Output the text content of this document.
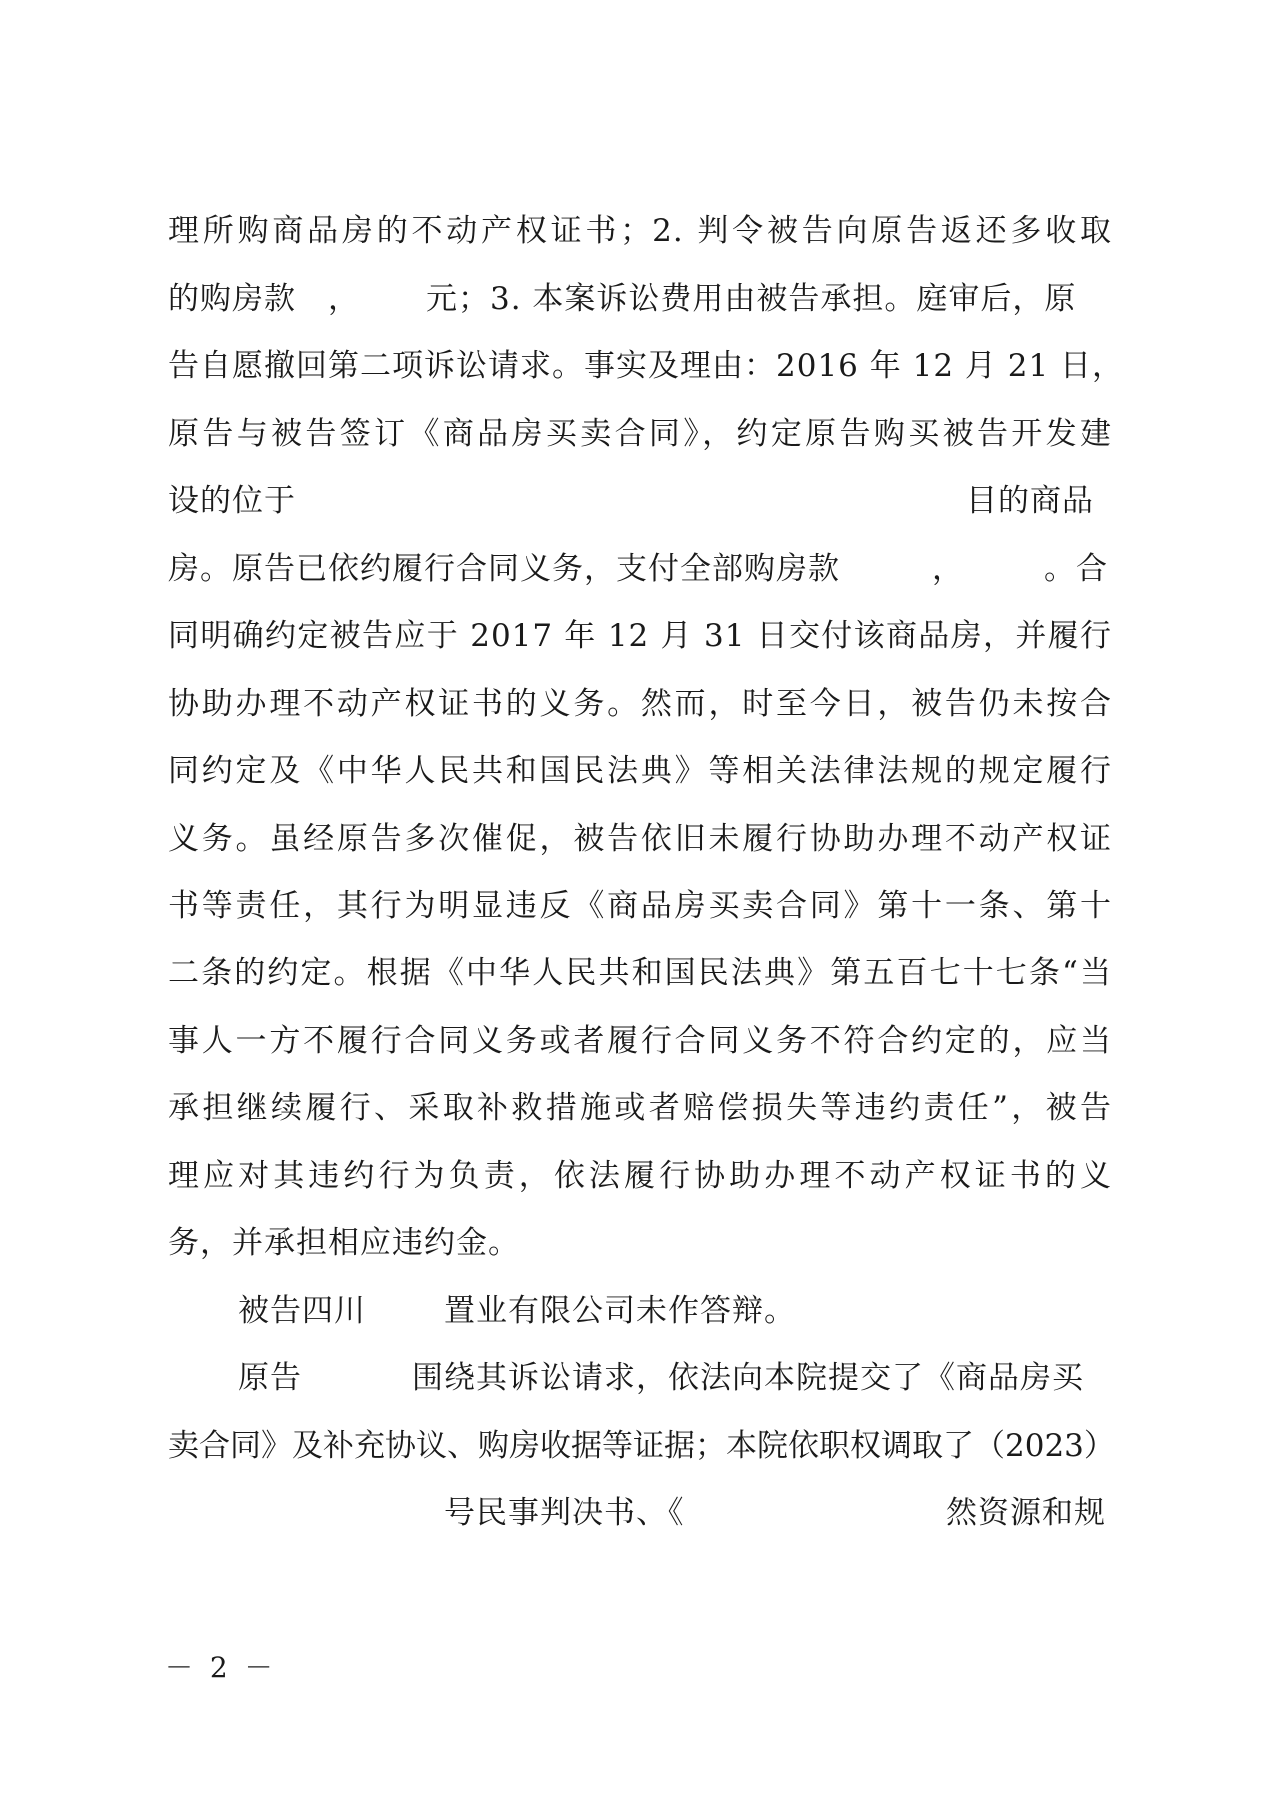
理所购商品房的不动产权证书；2. 判令被告向原告返还多收取
的购房款 ， 元；3. 本案诉讼费用由被告承担。庭审后，原
告自愿撤回第二项诉讼请求。事实及理由：2016 年 12 月 21 日，
原告与被告签订《商品房买卖合同》，约定原告购买被告开发建
设的位于	目的商品
房。原告已依约履行合同义务，支付全部购房款	，	。合
同明确约定被告应于 2017 年 12 月 31 日交付该商品房，并履行
协助办理不动产权证书的义务。然而，时至今日，被告仍未按合
同约定及《中华人民共和国民法典》等相关法律法规的规定履行
义务。虽经原告多次催促，被告依旧未履行协助办理不动产权证
书等责任，其行为明显违反《商品房买卖合同》第十一条、第十
二条的约定。根据《中华人民共和国民法典》第五百七十七条“当
事人一方不履行合同义务或者履行合同义务不符合约定的，应当
承担继续履行、采取补救措施或者赔偿损失等违约责任”，被告
理应对其违约行为负责，依法履行协助办理不动产权证书的义
务，并承担相应违约金。
被告四川	置业有限公司未作答辩。
原告	围绕其诉讼请求，依法向本院提交了《商品房买
卖合同》及补充协议、购房收据等证据；本院依职权调取了（2023）
号民事判决书、《	然资源和规
－ 2 －
